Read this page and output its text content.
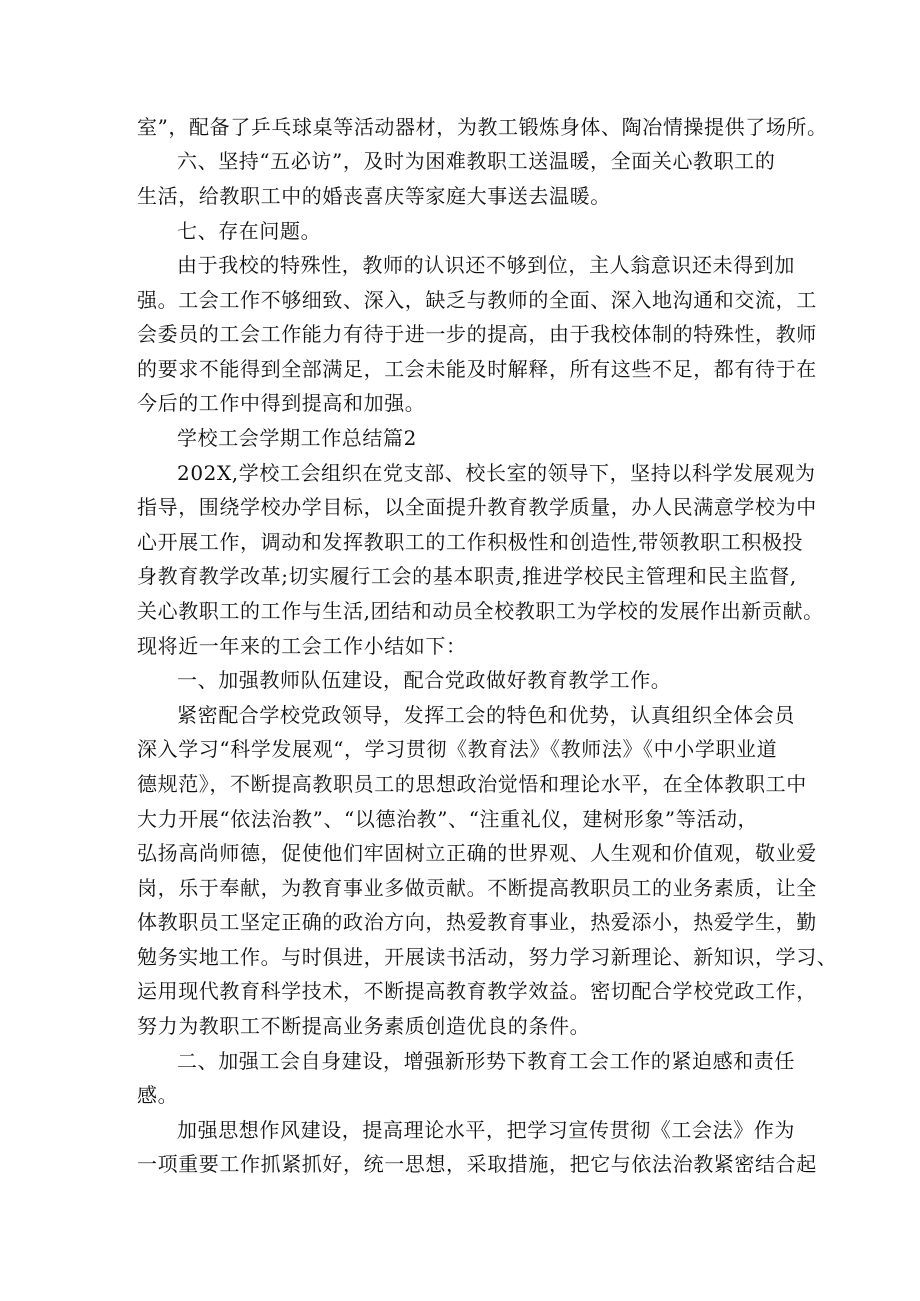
室”，配备了乒乓球桌等活动器材，为教工锻炼身体、陶冶情操提供了场所。
六、坚持“五必访”，及时为困难教职工送温暖，全面关心教职工的
生活，给教职工中的婚丧喜庆等家庭大事送去温暖。
七、存在问题。
由于我校的特殊性，教师的认识还不够到位，主人翁意识还未得到加
强。工会工作不够细致、深入，缺乏与教师的全面、深入地沟通和交流，工
会委员的工会工作能力有待于进一步的提高，由于我校体制的特殊性，教师
的要求不能得到全部满足，工会未能及时解释，所有这些不足，都有待于在
今后的工作中得到提高和加强。
学校工会学期工作总结篇2
202X,学校工会组织在党支部、校长室的领导下，坚持以科学发展观为
指导，围绕学校办学目标，以全面提升教育教学质量，办人民满意学校为中
心开展工作，调动和发挥教职工的工作积极性和创造性,带领教职工积极投
身教育教学改革;切实履行工会的基本职责,推进学校民主管理和民主监督,
关心教职工的工作与生活,团结和动员全校教职工为学校的发展作出新贡献。
现将近一年来的工会工作小结如下：
一、加强教师队伍建设，配合党政做好教育教学工作。
紧密配合学校党政领导，发挥工会的特色和优势，认真组织全体会员
深入学习“科学发展观“，学习贯彻《教育法》《教师法》《中小学职业道
德规范》，不断提高教职员工的思想政治觉悟和理论水平，在全体教职工中
大力开展“依法治教”、“以德治教”、“注重礼仪，建树形象”等活动，
弘扬高尚师德，促使他们牢固树立正确的世界观、人生观和价值观，敬业爱
岗，乐于奉献，为教育事业多做贡献。不断提高教职员工的业务素质，让全
体教职员工坚定正确的政治方向，热爱教育事业，热爱添小，热爱学生，勤
勉务实地工作。与时俱进，开展读书活动，努力学习新理论、新知识，学习、
运用现代教育科学技术，不断提高教育教学效益。密切配合学校党政工作，
努力为教职工不断提高业务素质创造优良的条件。
二、加强工会自身建设，增强新形势下教育工会工作的紧迫感和责任
感。
加强思想作风建设，提高理论水平，把学习宣传贯彻《工会法》作为
一项重要工作抓紧抓好，统一思想，采取措施，把它与依法治教紧密结合起
